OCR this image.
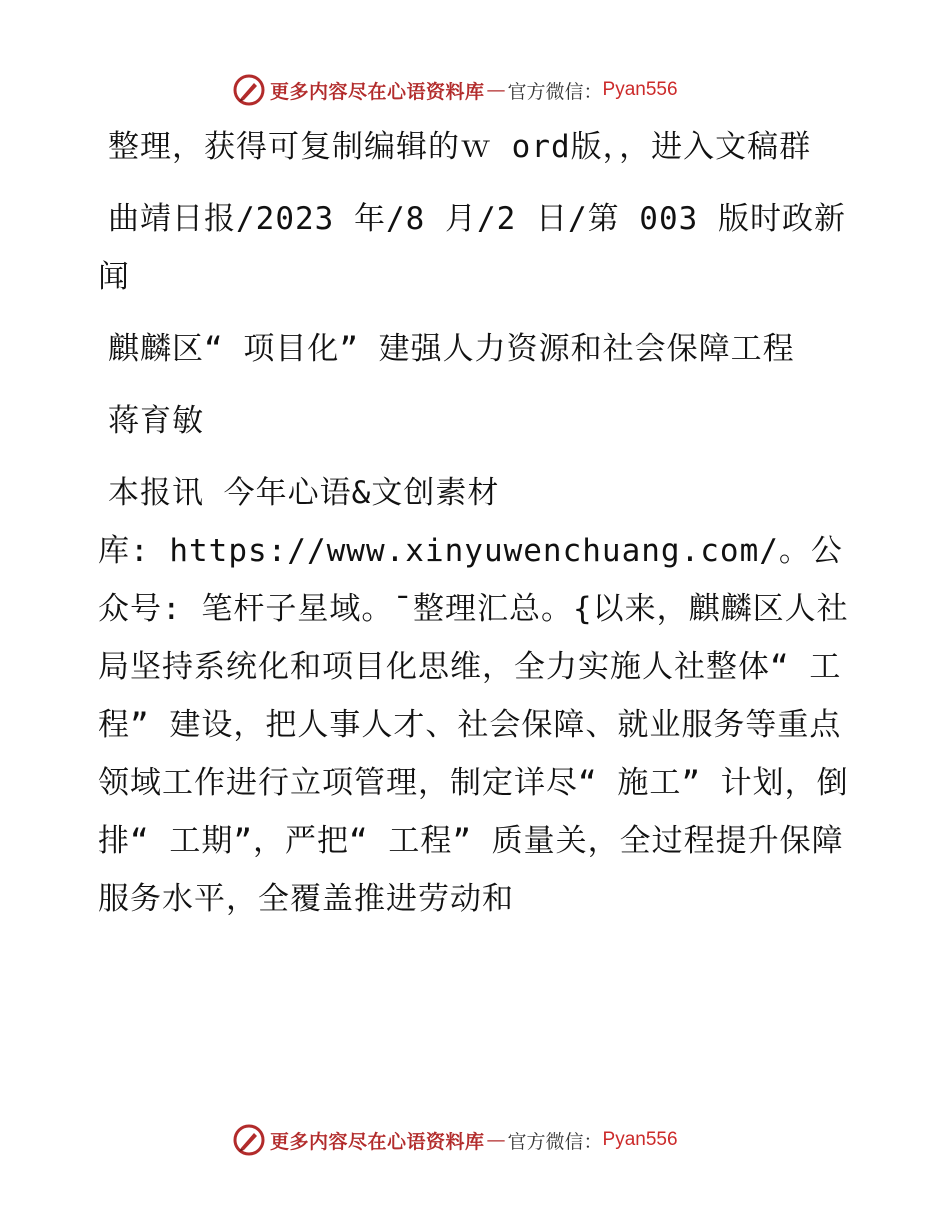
更多内容尽在心语资料库 — 官方微信： Pyan556

整理，获得可复制编辑的ｗ ord版，，进入文稿群

曲靖日报/2023 年/8 月/2 日/第 003 版时政新闻

麒麟区“ 项目化” 建强人力资源和社会保障工程

蒋育敏

本报讯 今年心语&文创素材

库: https://www.xinyuwenchuang.com/。公众号: 笔杆子星域。¯整理汇总。{以来，麒麟区人社局坚持系统化和项目化思维，全力实施人社整体“ 工程” 建设，把人事人才、社会保障、就业服务等重点领域工作进行立项管理，制定详尽“ 施工” 计划，倒排“ 工期”，严把“ 工程” 质量关，全过程提升保障服务水平，全覆盖推进劳动和

更多内容尽在心语资料库 — 官方微信： Pyan556
